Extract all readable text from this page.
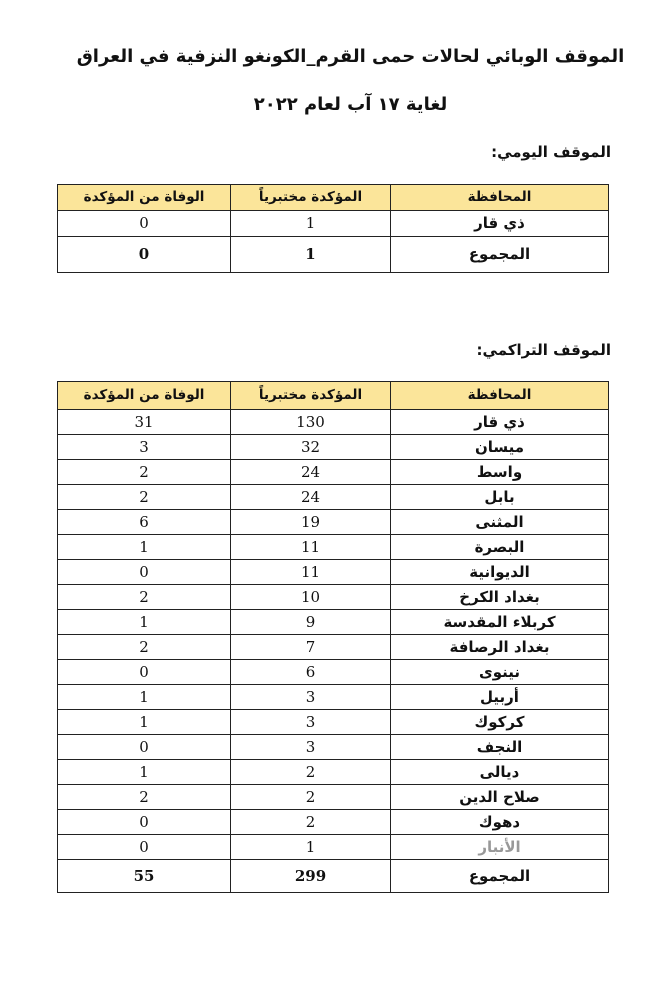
الموقف الوبائي لحالات حمى القرم_الكونغو النزفية في العراق
لغاية ١٧ آب لعام ٢٠٢٢
الموقف اليومي:
الوفاة من المؤكدة	المؤكدة مختبرياً	المحافظة
0	1	ذي قار
0	1	المجموع
الموقف التراكمي:
الوفاة من المؤكدة	المؤكدة مختبرياً	المحافظة
31	130	ذي قار
3	32	ميسان
2	24	واسط
2	24	بابل
6	19	المثنى
1	11	البصرة
0	11	الديوانية
2	10	بغداد الكرخ
1	9	كربلاء المقدسة
2	7	بغداد الرصافة
0	6	نينوى
1	3	أربيل
1	3	كركوك
0	3	النجف
1	2	ديالى
2	2	صلاح الدين
0	2	دهوك
0	1	الأنبار
55	299	المجموع
